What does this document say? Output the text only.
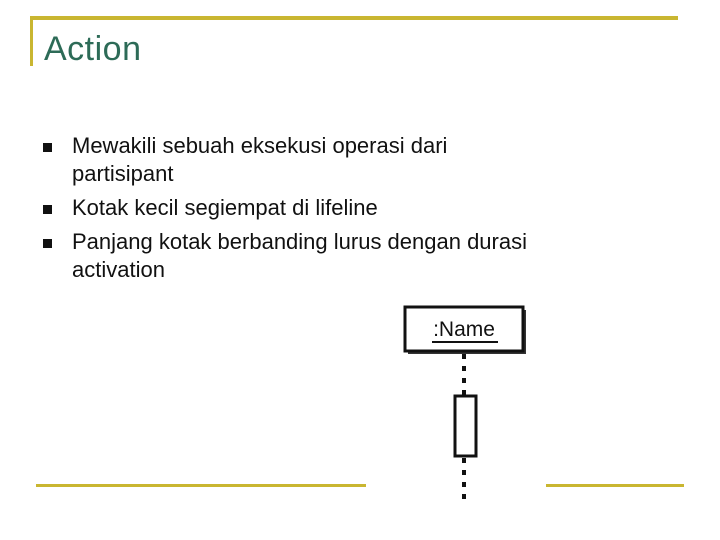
Action
Mewakili sebuah eksekusi operasi dari
partisipant
Kotak kecil segiempat di lifeline
Panjang kotak berbanding lurus dengan durasi
activation
:Name
